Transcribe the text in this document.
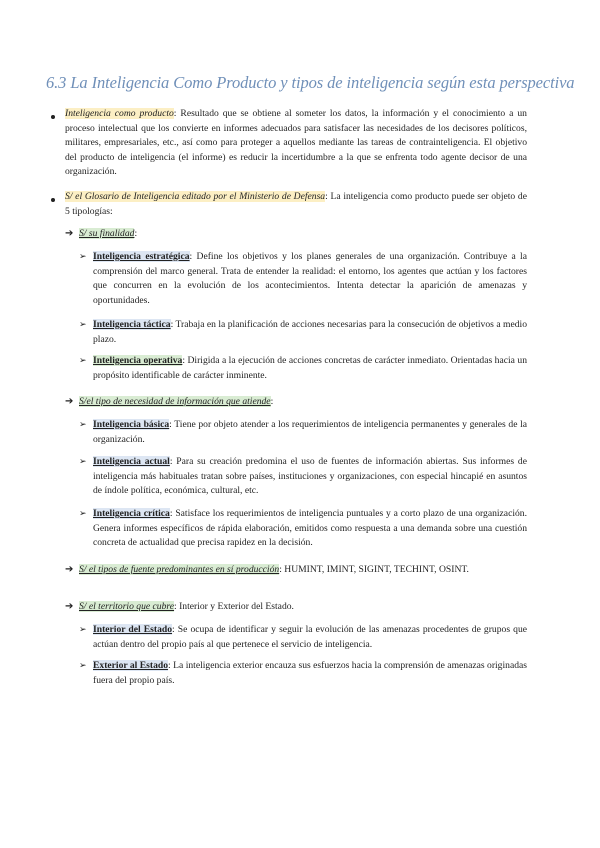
6.3 La Inteligencia Como Producto y tipos de inteligencia según esta perspectiva
Inteligencia como producto: Resultado que se obtiene al someter los datos, la información y el conocimiento a un proceso intelectual que los convierte en informes adecuados para satisfacer las necesidades de los decisores políticos, militares, empresariales, etc., así como para proteger a aquellos mediante las tareas de contrainteligencia. El objetivo del producto de inteligencia (el informe) es reducir la incertidumbre a la que se enfrenta todo agente decisor de una organización.
S/ el Glosario de Inteligencia editado por el Ministerio de Defensa: La inteligencia como producto puede ser objeto de 5 tipologías:
➔ S/ su finalidad:
➢ Inteligencia estratégica: Define los objetivos y los planes generales de una organización. Contribuye a la comprensión del marco general. Trata de entender la realidad: el entorno, los agentes que actúan y los factores que concurren en la evolución de los acontecimientos. Intenta detectar la aparición de amenazas y oportunidades.
➢ Inteligencia táctica: Trabaja en la planificación de acciones necesarias para la consecución de objetivos a medio plazo.
➢ Inteligencia operativa: Dirigida a la ejecución de acciones concretas de carácter inmediato. Orientadas hacia un propósito identificable de carácter inminente.
➔ S/el tipo de necesidad de información que atiende:
➢ Inteligencia básica: Tiene por objeto atender a los requerimientos de inteligencia permanentes y generales de la organización.
➢ Inteligencia actual: Para su creación predomina el uso de fuentes de información abiertas. Sus informes de inteligencia más habituales tratan sobre países, instituciones y organizaciones, con especial hincapié en asuntos de índole política, económica, cultural, etc.
➢ Inteligencia crítica: Satisface los requerimientos de inteligencia puntuales y a corto plazo de una organización. Genera informes específicos de rápida elaboración, emitidos como respuesta a una demanda sobre una cuestión concreta de actualidad que precisa rapidez en la decisión.
➔ S/ el tipos de fuente predominantes en sí producción: HUMINT, IMINT, SIGINT, TECHINT, OSINT.
➔ S/ el territorio que cubre: Interior y Exterior del Estado.
➢ Interior del Estado: Se ocupa de identificar y seguir la evolución de las amenazas procedentes de grupos que actúan dentro del propio país al que pertenece el servicio de inteligencia.
➢ Exterior al Estado: La inteligencia exterior encauza sus esfuerzos hacia la comprensión de amenazas originadas fuera del propio país.
